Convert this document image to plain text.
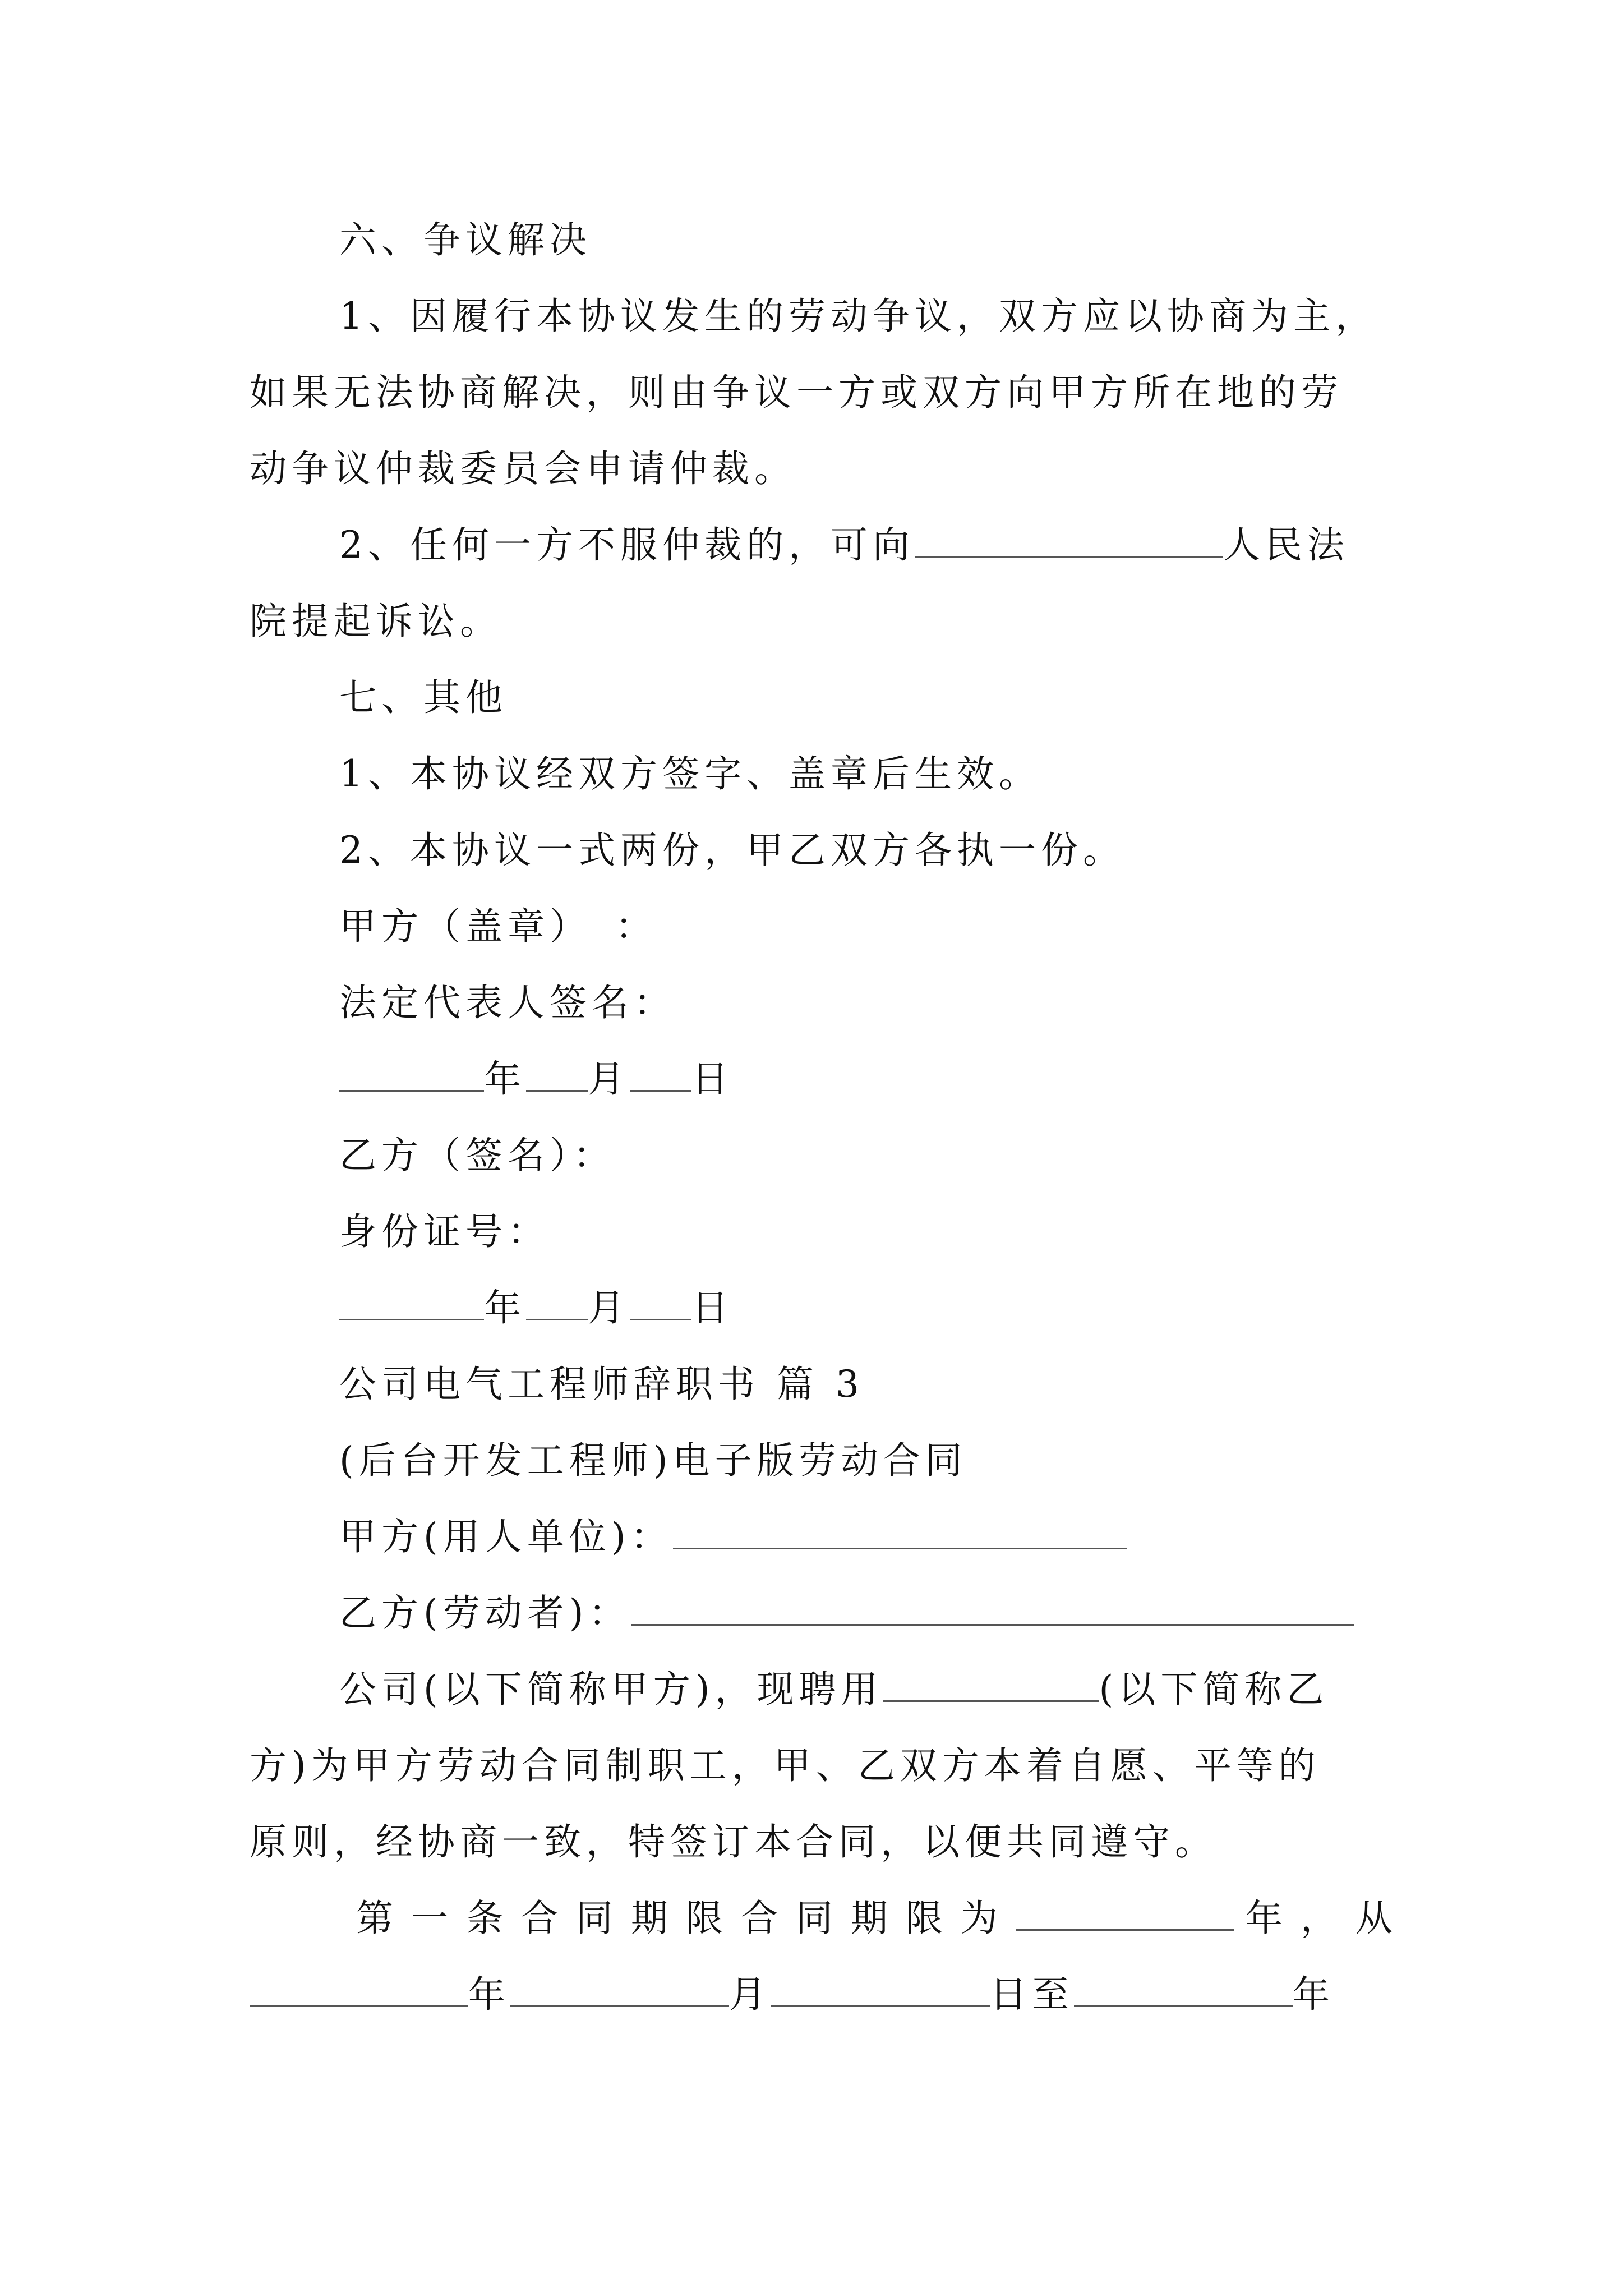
六、争议解决
1、因履行本协议发生的劳动争议，双方应以协商为主，
如果无法协商解决，则由争议一方或双方向甲方所在地的劳
动争议仲裁委员会申请仲裁。
2、任何一方不服仲裁的，可向	人民法
院提起诉讼。
七、其他
1、本协议经双方签字、盖章后生效。
2、本协议一式两份，甲乙双方各执一份。
甲方（盖章）　：
法定代表人签名：
年 月 日
乙方（签名）：
身份证号：
年 月 日
公司电气工程师辞职书 篇 3
(后台开发工程师)电子版劳动合同
甲方(用人单位)：
乙方(劳动者)：
公司(以下简称甲方)，现聘用	(以下简称乙
方)为甲方劳动合同制职工，甲、乙双方本着自愿、平等的
原则，经协商一致，特签订本合同，以便共同遵守。
第一条合同期限合同期限为	年，从
年	月	日至	年
